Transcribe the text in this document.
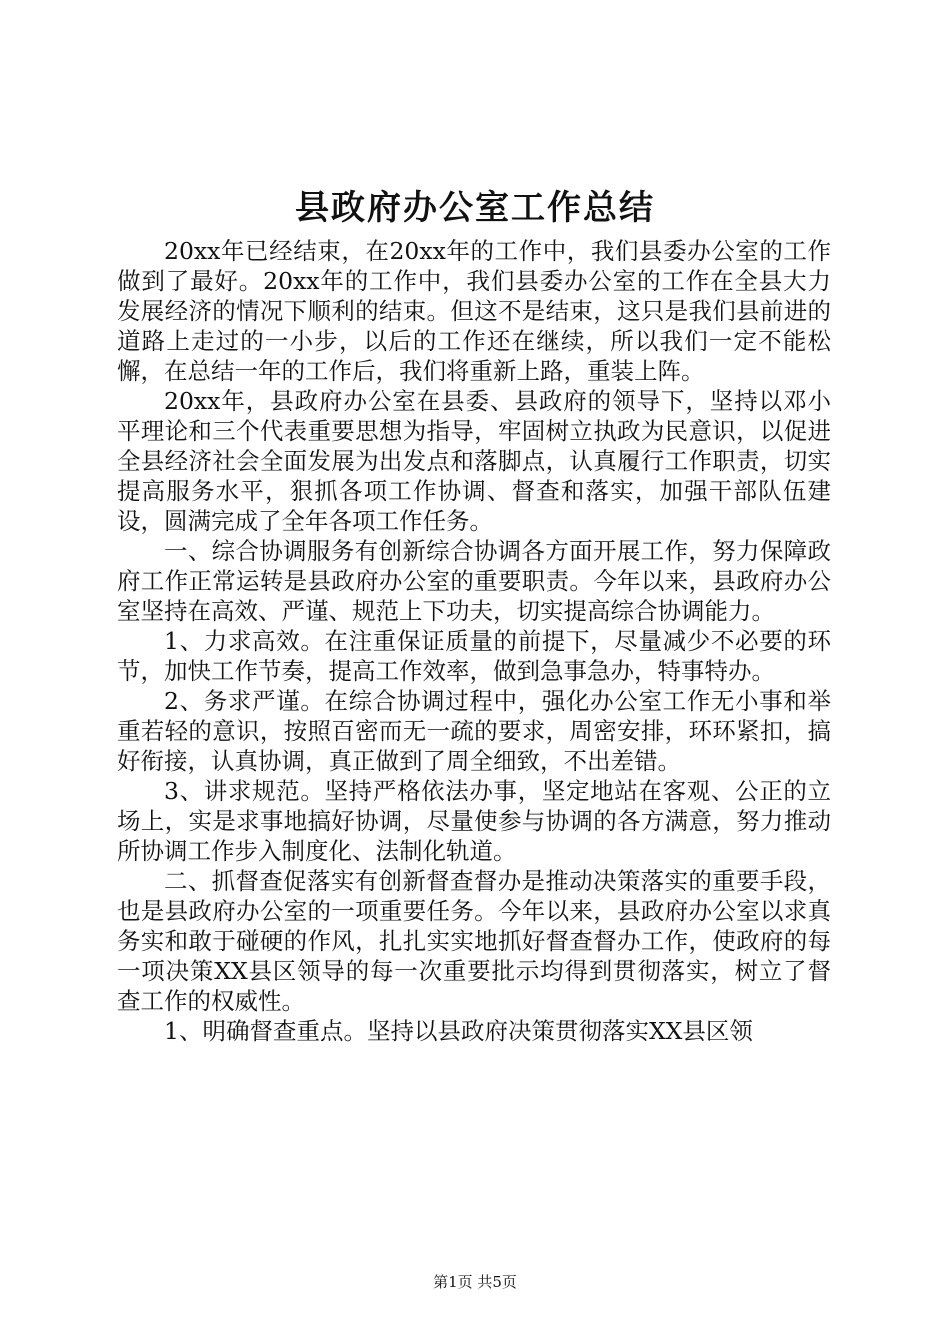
县政府办公室工作总结

20xx年已经结束，在20xx年的工作中，我们县委办公室的工作做到了最好。20xx年的工作中，我们县委办公室的工作在全县大力发展经济的情况下顺利的结束。但这不是结束，这只是我们县前进的道路上走过的一小步，以后的工作还在继续，所以我们一定不能松懈，在总结一年的工作后，我们将重新上路，重装上阵。

20xx年，县政府办公室在县委、县政府的领导下，坚持以邓小平理论和三个代表重要思想为指导，牢固树立执政为民意识，以促进全县经济社会全面发展为出发点和落脚点，认真履行工作职责，切实提高服务水平，狠抓各项工作协调、督查和落实，加强干部队伍建设，圆满完成了全年各项工作任务。

一、综合协调服务有创新综合协调各方面开展工作，努力保障政府工作正常运转是县政府办公室的重要职责。今年以来，县政府办公室坚持在高效、严谨、规范上下功夫，切实提高综合协调能力。

1、力求高效。在注重保证质量的前提下，尽量减少不必要的环节，加快工作节奏，提高工作效率，做到急事急办，特事特办。

2、务求严谨。在综合协调过程中，强化办公室工作无小事和举重若轻的意识，按照百密而无一疏的要求，周密安排，环环紧扣，搞好衔接，认真协调，真正做到了周全细致，不出差错。

3、讲求规范。坚持严格依法办事，坚定地站在客观、公正的立场上，实是求事地搞好协调，尽量使参与协调的各方满意，努力推动所协调工作步入制度化、法制化轨道。

二、抓督查促落实有创新督查督办是推动决策落实的重要手段，也是县政府办公室的一项重要任务。今年以来，县政府办公室以求真务实和敢于碰硬的作风，扎扎实实地抓好督查督办工作，使政府的每一项决策XX县区领导的每一次重要批示均得到贯彻落实，树立了督查工作的权威性。

1、明确督查重点。坚持以县政府决策贯彻落实XX县区领

第1页 共5页
